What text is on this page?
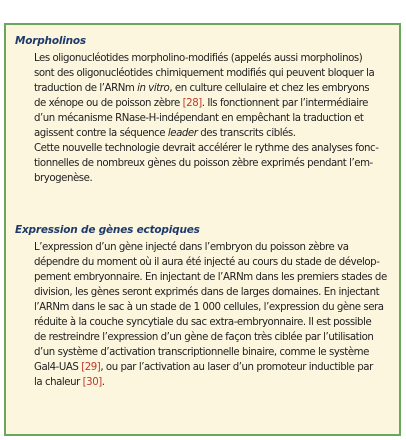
Morpholinos
Les oligonucléotides morpholino-modifiés (appelés aussi morpholinos)
sont des oligonucléotides chimiquement modifiés qui peuvent bloquer la
traduction de l’ARNm in vitro, en culture cellulaire et chez les embryons
de xénope ou de poisson zèbre [28]. Ils fonctionnent par l’intermédiaire
d’un mécanisme RNase-H-indépendant en empêchant la traduction et
agissent contre la séquence leader des transcrits ciblés.
Cette nouvelle technologie devrait accélérer le rythme des analyses fonc-
tionnelles de nombreux gènes du poisson zèbre exprimés pendant l’em-
bryogenèse.
Expression de gènes ectopiques
L’expression d’un gène injecté dans l’embryon du poisson zèbre va
dépendre du moment où il aura été injecté au cours du stade de dévelop-
pement embryonnaire. En injectant de l’ARNm dans les premiers stades de
division, les gènes seront exprimés dans de larges domaines. En injectant
l’ARNm dans le sac à un stade de 1 000 cellules, l’expression du gène sera
réduite à la couche syncytiale du sac extra-embryonnaire. Il est possible
de restreindre l’expression d’un gène de façon très ciblée par l’utilisation
d’un système d’activation transcriptionnelle binaire, comme le système
Gal4-UAS [29], ou par l’activation au laser d’un promoteur inductible par
la chaleur [30].
